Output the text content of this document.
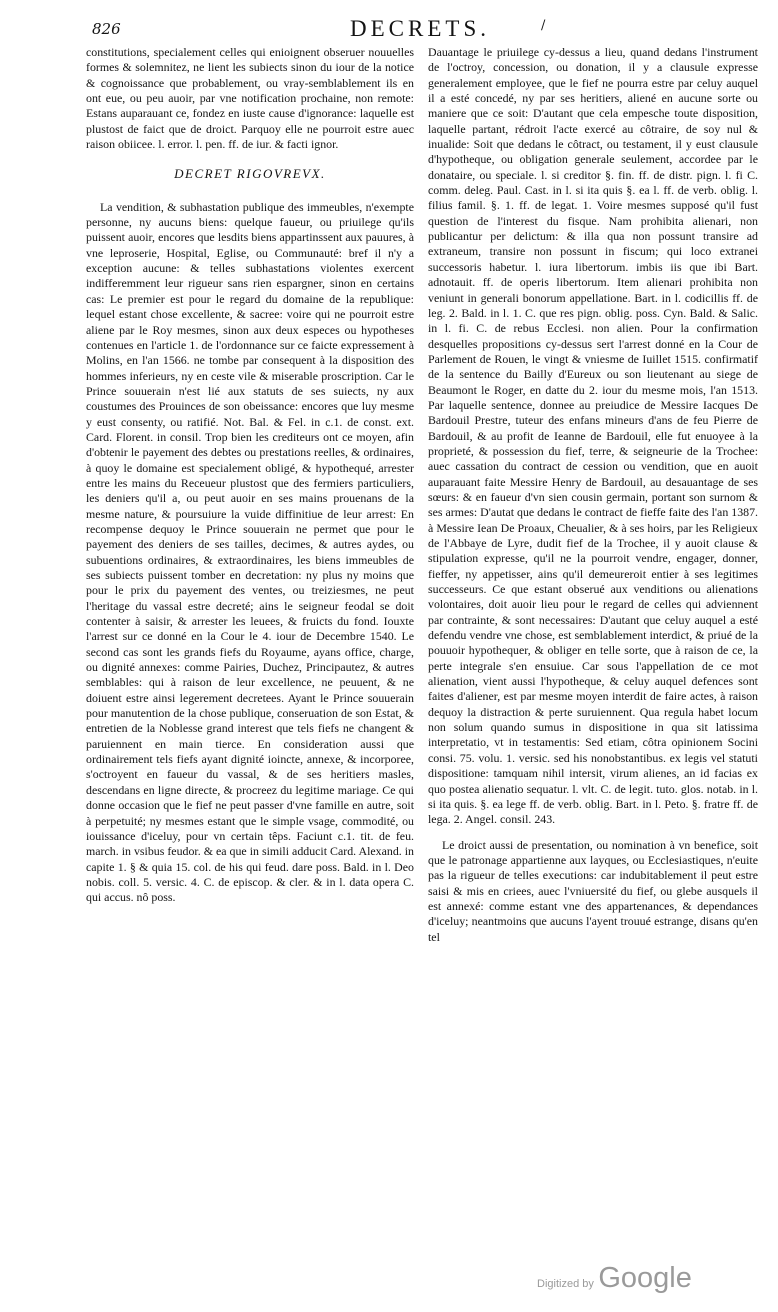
826	DECRETS.	/

constitutions, specialement celles qui enioignent obseruer nouuelles formes & solemnitez, ne lient les subiects sinon du iour de la notice & cognoissance que probablement, ou vray-semblablement ils en ont eue, ou peu auoir, par vne notification prochaine, non remote: Estans auparauant ce, fondez en iuste cause d'ignorance: laquelle est plustost de faict que de droict. Parquoy elle ne pourroit estre auec raison obiicee. l. error. l. pen. ff. de iur. & facti ignor.

DECRET RIGOVREVX.

La vendition, & subhastation publique des immeubles, n'exempte personne, ny aucuns biens: quelque faueur, ou priuilege qu'ils puissent auoir, encores que lesdits biens appartinssent aux pauures, à vne leproserie, Hospital, Eglise, ou Communauté: bref il n'y a exception aucune: & telles subhastations violentes exercent indifferemment leur rigueur sans rien espargner, sinon en certains cas: Le premier est pour le regard du domaine de la republique: lequel estant chose excellente, & sacree: voire qui ne pourroit estre aliene par le Roy mesmes, sinon aux deux especes ou hypotheses contenues en l'article 1. de l'ordonnance sur ce faicte expressement à Molins, en l'an 1566. ne tombe par consequent à la disposition des hommes inferieurs, ny en ceste vile & miserable proscription. Car le Prince souuerain n'est lié aux statuts de ses suiects, ny aux coustumes des Prouinces de son obeissance: encores que luy mesme y eust consenty, ou ratifié. Not. Bal. & Fel. in c.1. de const. ext. Card. Florent. in consil. Trop bien les crediteurs ont ce moyen, afin d'obtenir le payement des debtes ou prestations reelles, & ordinaires, à quoy le domaine est specialement obligé, & hypothequé, arrester entre les mains du Receueur plustost que des fermiers particuliers, les deniers qu'il a, ou peut auoir en ses mains prouenans de la mesme nature, & poursuiure la vuide diffinitiue de leur arrest: En recompense dequoy le Prince souuerain ne permet que pour le payement des deniers de ses tailles, decimes, & autres aydes, ou subuentions ordinaires, & extraordinaires, les biens immeubles de ses subiects puissent tomber en decretation: ny plus ny moins que pour le prix du payement des ventes, ou treiziesmes, ne peut l'heritage du vassal estre decreté; ains le seigneur feodal se doit contenter à saisir, & arrester les leuees, & fruicts du fond. Iouxte l'arrest sur ce donné en la Cour le 4. iour de Decembre 1540. Le second cas sont les grands fiefs du Royaume, ayans office, charge, ou dignité annexes: comme Pairies, Duchez, Principautez, & autres semblables: qui à raison de leur excellence, ne peuuent, & ne doiuent estre ainsi legerement decretees. Ayant le Prince souuerain pour manutention de la chose publique, conseruation de son Estat, & entretien de la Noblesse grand interest que tels fiefs ne changent & paruiennent en main tierce. En consideration aussi que ordinairement tels fiefs ayant dignité ioincte, annexe, & incorporee, s'octroyent en faueur du vassal, & de ses heritiers masles, descendans en ligne directe, & procreez du legitime mariage. Ce qui donne occasion que le fief ne peut passer d'vne famille en autre, soit à perpetuité; ny mesmes estant que le simple vsage, commodité, ou iouissance d'iceluy, pour vn certain têps. Faciunt c.1. tit. de feu. march. in vsibus feudor. & ea que in simili adducit Card. Alexand. in capite 1. § & quia 15. col. de his qui feud. dare poss. Bald. in l. Deo nobis. coll. 5. versic. 4. C. de episcop. & cler. & in l. data opera C. qui accus. nô poss.

Dauantage le priuilege cy-dessus a lieu, quand dedans l'instrument de l'octroy, concession, ou donation, il y a clausule expresse generalement employee, que le fief ne pourra estre par celuy auquel il a esté concedé, ny par ses heritiers, aliené en aucune sorte ou maniere que ce soit: D'autant que cela empesche toute disposition, laquelle partant, rédroit l'acte exercé au côtraire, de soy nul & inualide: Soit que dedans le côtract, ou testament, il y eust clausule d'hypotheque, ou obligation generale seulement, accordee par le donataire, ou speciale. l. si creditor §. fin. ff. de distr. pign. l. fi C. comm. deleg. Paul. Cast. in l. si ita quis §. ea l. ff. de verb. oblig. l. filius famil. §. 1. ff. de legat. 1. Voire mesmes supposé qu'il fust question de l'interest du fisque. Nam prohibita alienari, non publicantur per delictum: & illa qua non possunt transire ad extraneum, transire non possunt in fiscum; qui loco extranei successoris habetur. l. iura libertorum. imbis iis que ibi Bart. adnotauit. ff. de operis libertorum. Item alienari prohibita non veniunt in generali bonorum appellatione. Bart. in l. codicillis ff. de leg. 2. Bald. in l. 1. C. que res pign. oblig. poss. Cyn. Bald. & Salic. in l. fi. C. de rebus Ecclesi. non alien. Pour la confirmation desquelles propositions cy-dessus sert l'arrest donné en la Cour de Parlement de Rouen, le vingt & vniesme de Iuillet 1515. confirmatif de la sentence du Bailly d'Eureux ou son lieutenant au siege de Beaumont le Roger, en datte du 2. iour du mesme mois, l'an 1513. Par laquelle sentence, donnee au preiudice de Messire Iacques De Bardouil Prestre, tuteur des enfans mineurs d'ans de feu Pierre de Bardouil, & au profit de Ieanne de Bardouil, elle fut enuoyee à la proprieté, & possession du fief, terre, & seigneurie de la Trochee: auec cassation du contract de cession ou vendition, que en auoit auparauant faite Messire Henry de Bardouil, au desauantage de ses sœurs: & en faueur d'vn sien cousin germain, portant son surnom & ses armes: D'autat que dedans le contract de fieffe faite des l'an 1387. à Messire Iean De Proaux, Cheualier, & à ses hoirs, par les Religieux de l'Abbaye de Lyre, dudit fief de la Trochee, il y auoit clause & stipulation expresse, qu'il ne la pourroit vendre, engager, donner, fieffer, ny appetisser, ains qu'il demeureroit entier à ses legitimes successeurs. Ce que estant obserué aux venditions ou alienations volontaires, doit auoir lieu pour le regard de celles qui adviennent par contrainte, & sont necessaires: D'autant que celuy auquel a esté defendu vendre vne chose, est semblablement interdict, & priué de la pouuoir hypothequer, & obliger en telle sorte, que à raison de ce, la perte integrale s'en ensuiue. Car sous l'appellation de ce mot alienation, vient aussi l'hypotheque, & celuy auquel defences sont faites d'aliener, est par mesme moyen interdit de faire actes, à raison dequoy la distraction & perte suruiennent. Qua regula habet locum non solum quando sumus in dispositione in qua sit latissima interpretatio, vt in testamentis: Sed etiam, côtra opinionem Socini consi. 75. volu. 1. versic. sed his nonobstantibus. ex legis vel statuti dispositione: tamquam nihil intersit, virum alienes, an id facias ex quo postea alienatio sequatur. l. vlt. C. de legit. tuto. glos. notab. in l. si ita quis. §. ea lege ff. de verb. oblig. Bart. in l. Peto. §. fratre ff. de lega. 2. Angel. consil. 243.

Le droict aussi de presentation, ou nomination à vn benefice, soit que le patronage appartienne aux layques, ou Ecclesiastiques, n'euite pas la rigueur de telles executions: car indubitablement il peut estre saisi & mis en criees, auec l'vniuersité du fief, ou glebe ausquels il est annexé: comme estant vne des appartenances, & dependances d'iceluy; neantmoins que aucuns l'ayent trouué estrange, disans qu'en tel

Digitized by Google
